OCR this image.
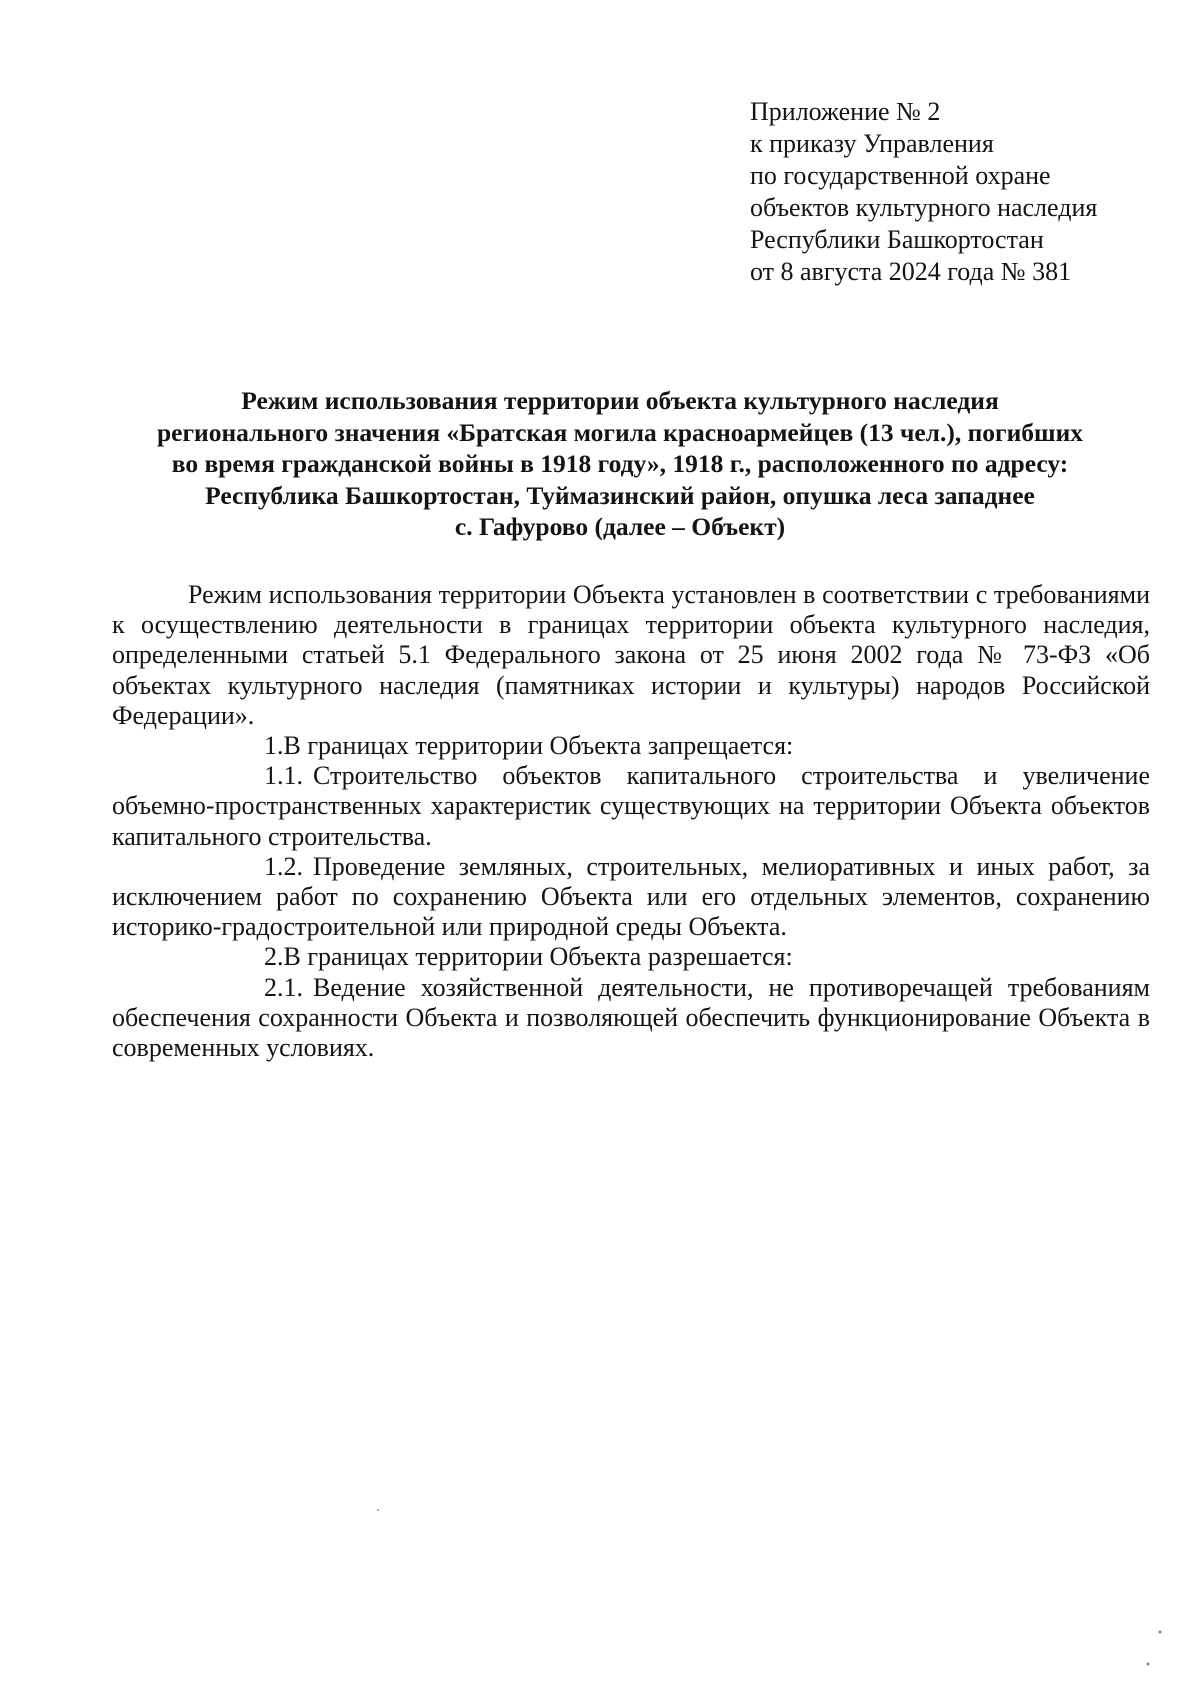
Приложение № 2
к приказу Управления
по государственной охране
объектов культурного наследия
Республики Башкортостан
от 8 августа 2024 года № 381
Режим использования территории объекта культурного наследия
регионального значения «Братская могила красноармейцев (13 чел.), погибших
во время гражданской войны в 1918 году», 1918 г., расположенного по адресу:
Республика Башкортостан, Туймазинский район, опушка леса западнее
с. Гафурово (далее – Объект)

Режим использования территории Объекта установлен в соответствии с требованиями к осуществлению деятельности в границах территории объекта культурного наследия, определенными статьей 5.1 Федерального закона от 25 июня 2002 года № 73-ФЗ «Об объектах культурного наследия (памятниках истории и культуры) народов Российской Федерации».

1.В границах территории Объекта запрещается:

1.1. Строительство объектов капитального строительства и увеличение объемно-пространственных характеристик существующих на территории Объекта объектов капитального строительства.

1.2. Проведение земляных, строительных, мелиоративных и иных работ, за исключением работ по сохранению Объекта или его отдельных элементов, сохранению историко-градостроительной или природной среды Объекта.

2.В границах территории Объекта разрешается:

2.1. Ведение хозяйственной деятельности, не противоречащей требованиям обеспечения сохранности Объекта и позволяющей обеспечить функционирование Объекта в современных условиях.
